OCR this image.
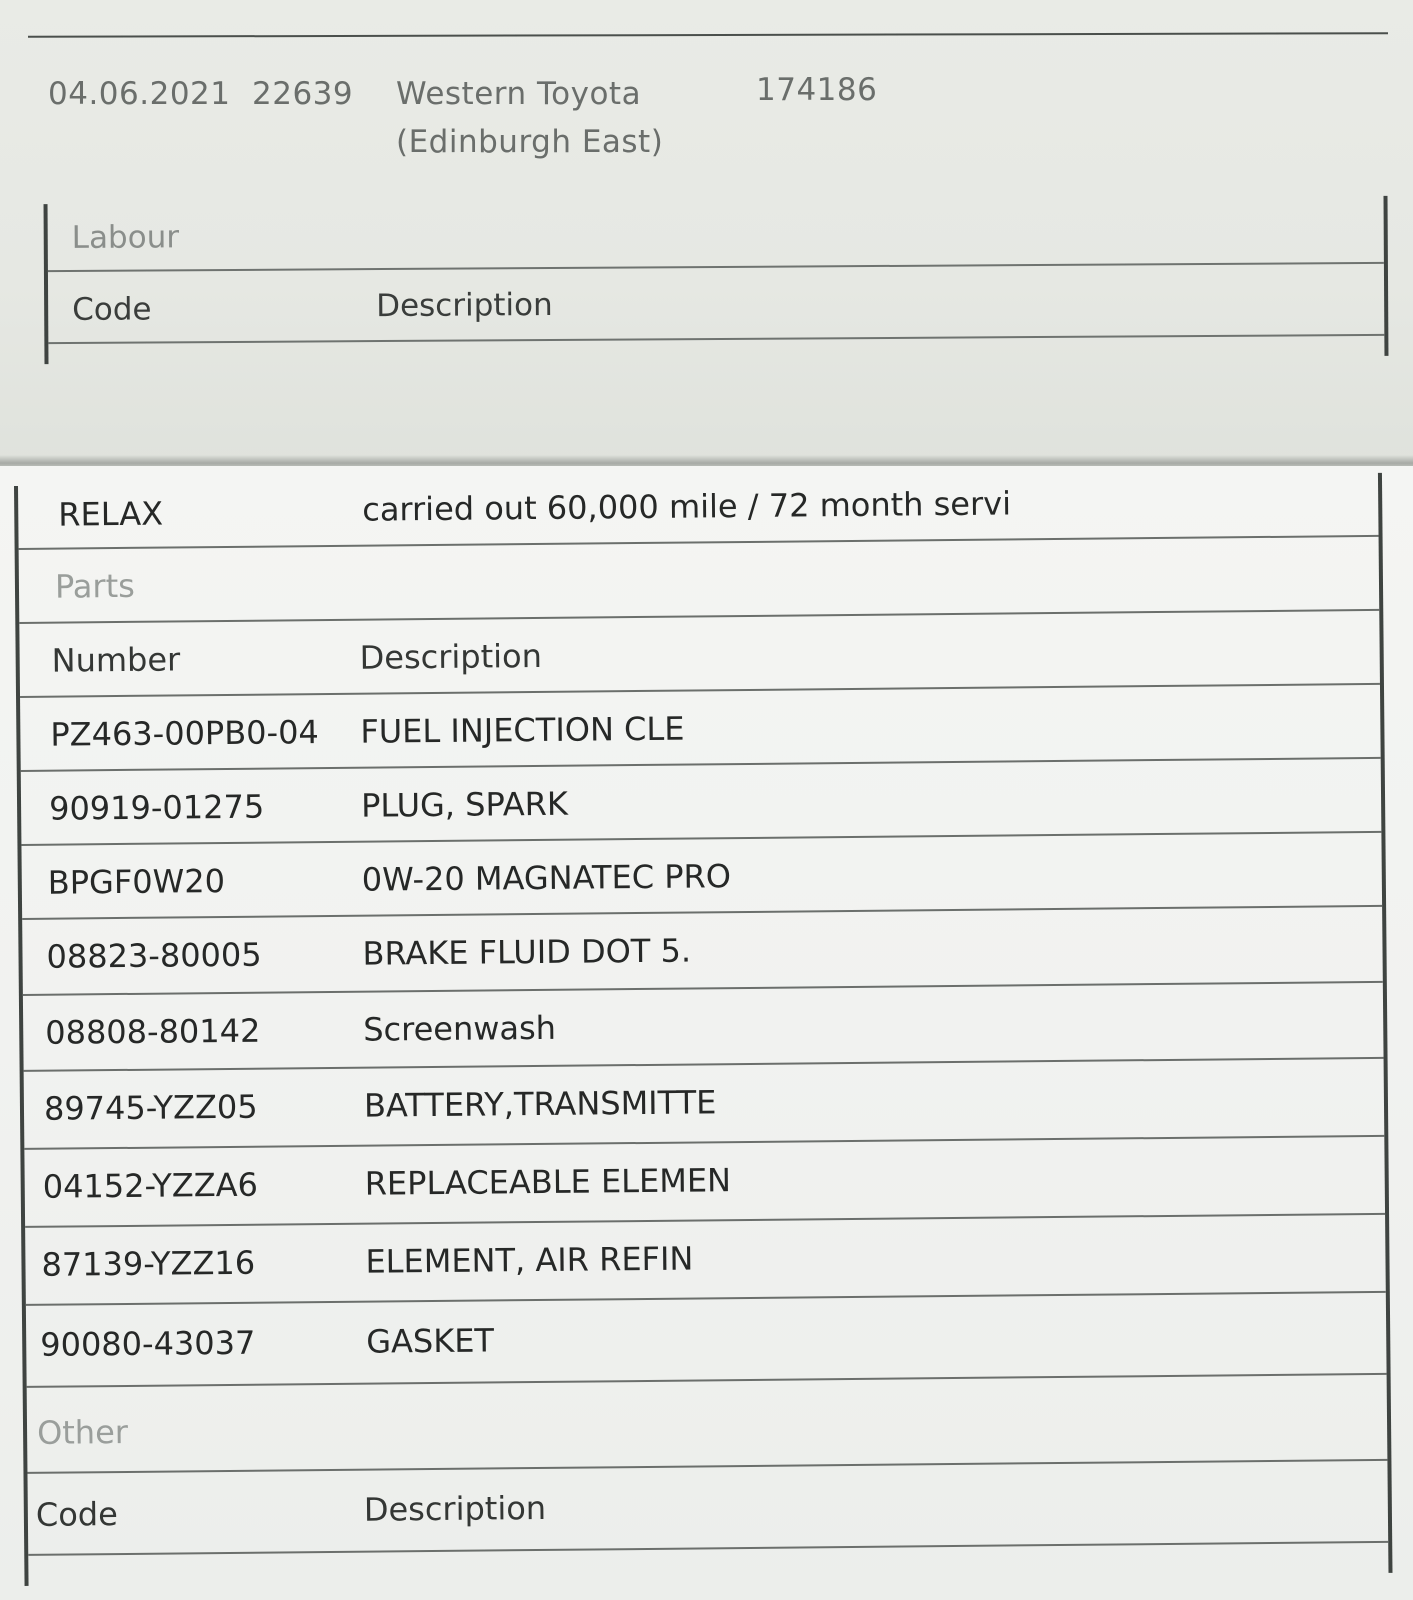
04.06.2021 22639 Western Toyota
(Edinburgh East)
174186
Labour
Code	Description
RELAX	carried out 60,000 mile / 72 month servi
Parts
Number	Description
PZ463-00PB0-04 FUEL INJECTION CLE
90919-01275	PLUG, SPARK
BPGF0W20	0W-20 MAGNATEC PRO
08823-80005	BRAKE FLUID DOT 5.
08808-80142	Screenwash
89745-YZZ05	BATTERY,TRANSMITTE
04152-YZZA6	REPLACEABLE ELEMEN
87139-YZZ16	ELEMENT, AIR REFIN
90080-43037	GASKET
Other
Code	Description
